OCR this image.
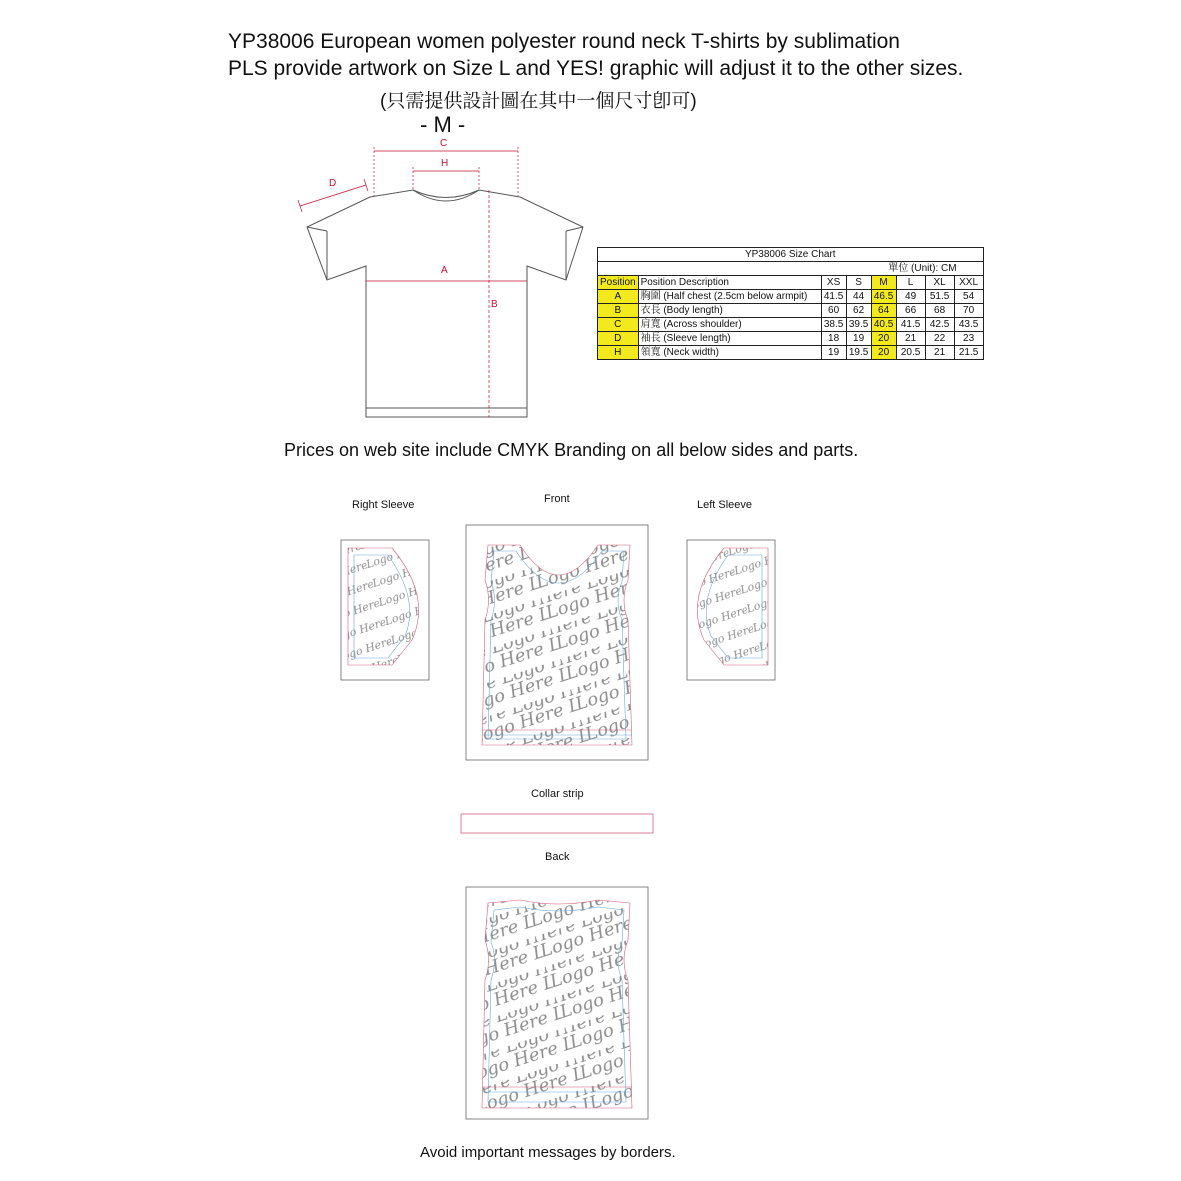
YP38006 European women polyester round neck T-shirts by sublimation
PLS provide artwork on Size L and YES! graphic will adjust it to the other sizes.
(只需提供設計圖在其中一個尺寸卽可)
- M -
C
H
D
A
B
YP38006 Size Chart							
		單位 (Unit): CM					
Position	Position Description	XS	S	M	L	XL	XXL
A	胸圍 (Half chest (2.5cm below armpit)	41.5	44	46.5	49	51.5	54
B	衣長 (Body length)	60	62	64	66	68	70
C	肩寬 (Across shoulder)	38.5	39.5	40.5	41.5	42.5	43.5
D	袖長 (Sleeve length)	18	19	20	21	22	23
H	領寬 (Neck width)	19	19.5	20	20.5	21	21.5
Prices on web site include CMYK Branding on all below sides and parts.
Right Sleeve	Front	Left Sleeve
Collar strip
Back
Avoid important messages by borders.
